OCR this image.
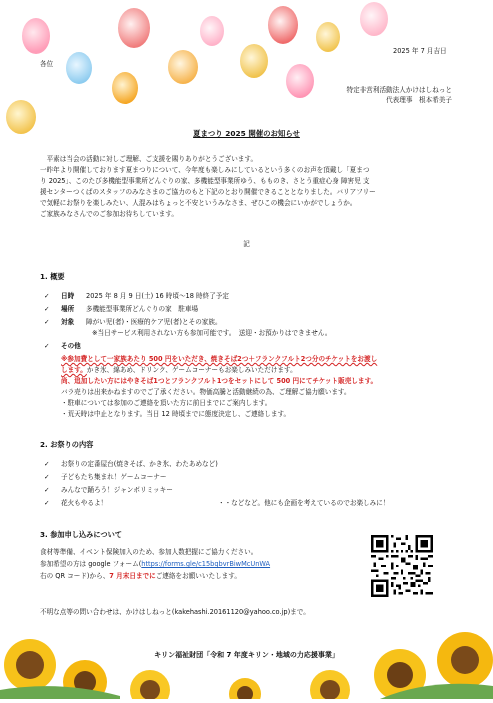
2025 年 7 月吉日
各位
特定非営利活動法人かけはしねっと
代表理事　根本希美子
夏まつり 2025 開催のお知らせ
　平素は当会の活動に対しご理解、ご支援を賜りありがとうございます。
一昨年より開催しております夏まつりについて、今年度も楽しみにしているという多くのお声を頂戴し「夏まつ
り 2025」、このたび多機能型事業所どんぐりの家、多機能型事業所ゆう、もものき、さとう重症心身 障害児 支
援センターつくばのスタッフのみなさまのご協力のもと下記のとおり開催できることとなりました。バリアフリー
で気軽にお祭りを楽しみたい、人混みはちょっと不安というみなさま、ぜひこの機会にいかがでしょうか。
ご家族みなさんでのご参加お待ちしています。
記
1. 概要
✓ 日時 2025 年 8 月 9 日(土) 16 時頃～18 時終了予定
✓ 場所 多機能型事業所どんぐりの家　駐車場
✓ 対象 障がい児(者)・医療的ケア児(者)とその家族。
※当日サービス利用されない方も参加可能です。　送迎・お預かりはできません。
✓ その他
※参加費として一家族あたり 500 円をいただき、焼きそば2つ＋フランクフルト2つ分のチケットをお渡し
します。かき氷、綿あめ、ドリンク、ゲームコーナーもお楽しみいただけます。
尚、追加したい方にはやきそば1つとフランクフルト1つをセットにして 500 円にてチケット販売します。
バラ売りは出来かねますのでご了承ください。物価高騰と活動継続の為、ご理解ご協力願います。
・駐車については参加のご連絡を頂いた方に前日までにご案内します。
・荒天時は中止となります。当日 12 時頃までに態度決定し、ご連絡します。
2. お祭りの内容
✓ お祭りの定番屋台(焼きそば、かき氷、わたあめなど)
✓ 子どもたち集まれ！ゲームコーナー
✓ みんなで踊ろう！ジャンボリミッキー
✓ 花火もやるよ！	・・などなど。他にも企画を考えているのでお楽しみに！
3. 参加申し込みについて
食材等準備、イベント保険加入のため、参加人数把握にご協力ください。
参加希望の方は google フォーム(https://forms.gle/c15bqbvrBiwMcUnWA
右の QR コード)から、7 月末日までにご連絡をお願いいたします。
不明な点等の問い合わせは、かけはしねっと(kakehashi.20161120@yahoo.co.jp)まで。
キリン福祉財団「令和 7 年度キリン・地域の力応援事業」
